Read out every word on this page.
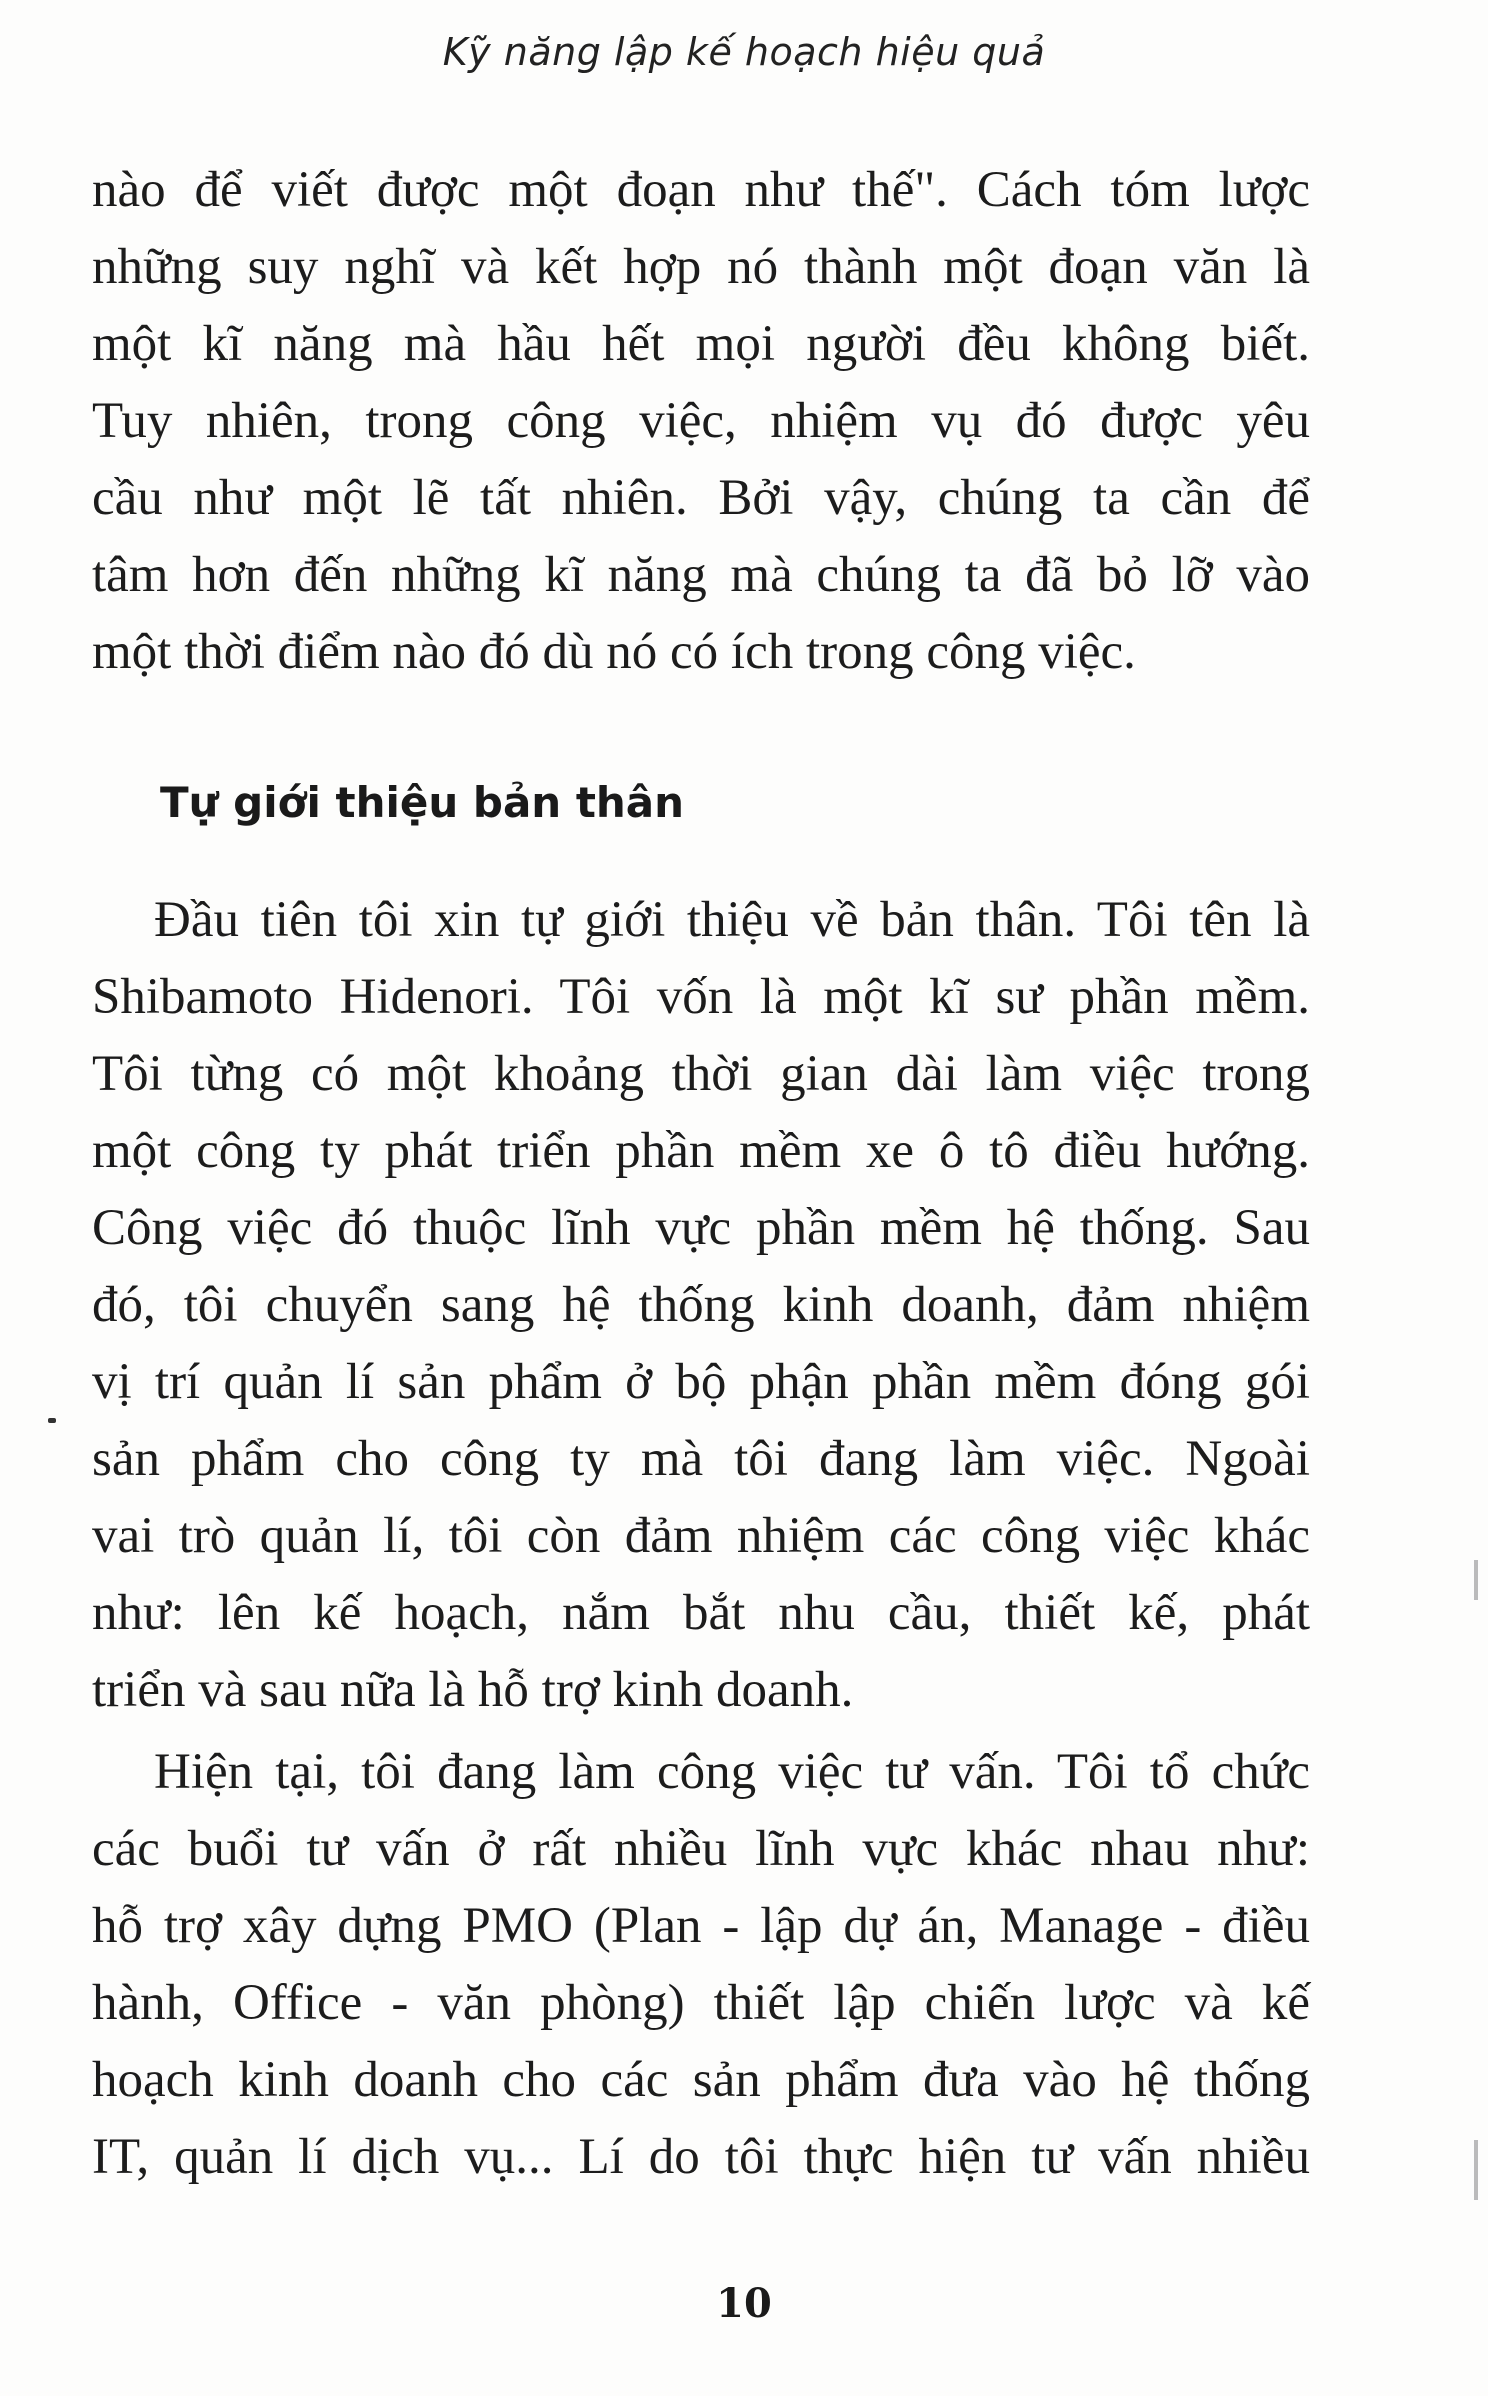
Kỹ năng lập kế hoạch hiệu quả
nào để viết được một đoạn như thế". Cách tóm lược
những suy nghĩ và kết hợp nó thành một đoạn văn là
một kĩ năng mà hầu hết mọi người đều không biết.
Tuy nhiên, trong công việc, nhiệm vụ đó được yêu
cầu như một lẽ tất nhiên. Bởi vậy, chúng ta cần để
tâm hơn đến những kĩ năng mà chúng ta đã bỏ lỡ vào
một thời điểm nào đó dù nó có ích trong công việc.
Tự giới thiệu bản thân
Đầu tiên tôi xin tự giới thiệu về bản thân. Tôi tên là
Shibamoto Hidenori. Tôi vốn là một kĩ sư phần mềm.
Tôi từng có một khoảng thời gian dài làm việc trong
một công ty phát triển phần mềm xe ô tô điều hướng.
Công việc đó thuộc lĩnh vực phần mềm hệ thống. Sau
đó, tôi chuyển sang hệ thống kinh doanh, đảm nhiệm
vị trí quản lí sản phẩm ở bộ phận phần mềm đóng gói
sản phẩm cho công ty mà tôi đang làm việc. Ngoài
vai trò quản lí, tôi còn đảm nhiệm các công việc khác
như: lên kế hoạch, nắm bắt nhu cầu, thiết kế, phát
triển và sau nữa là hỗ trợ kinh doanh.
Hiện tại, tôi đang làm công việc tư vấn. Tôi tổ chức
các buổi tư vấn ở rất nhiều lĩnh vực khác nhau như:
hỗ trợ xây dựng PMO (Plan - lập dự án, Manage - điều
hành, Office - văn phòng) thiết lập chiến lược và kế
hoạch kinh doanh cho các sản phẩm đưa vào hệ thống
IT, quản lí dịch vụ... Lí do tôi thực hiện tư vấn nhiều
10
